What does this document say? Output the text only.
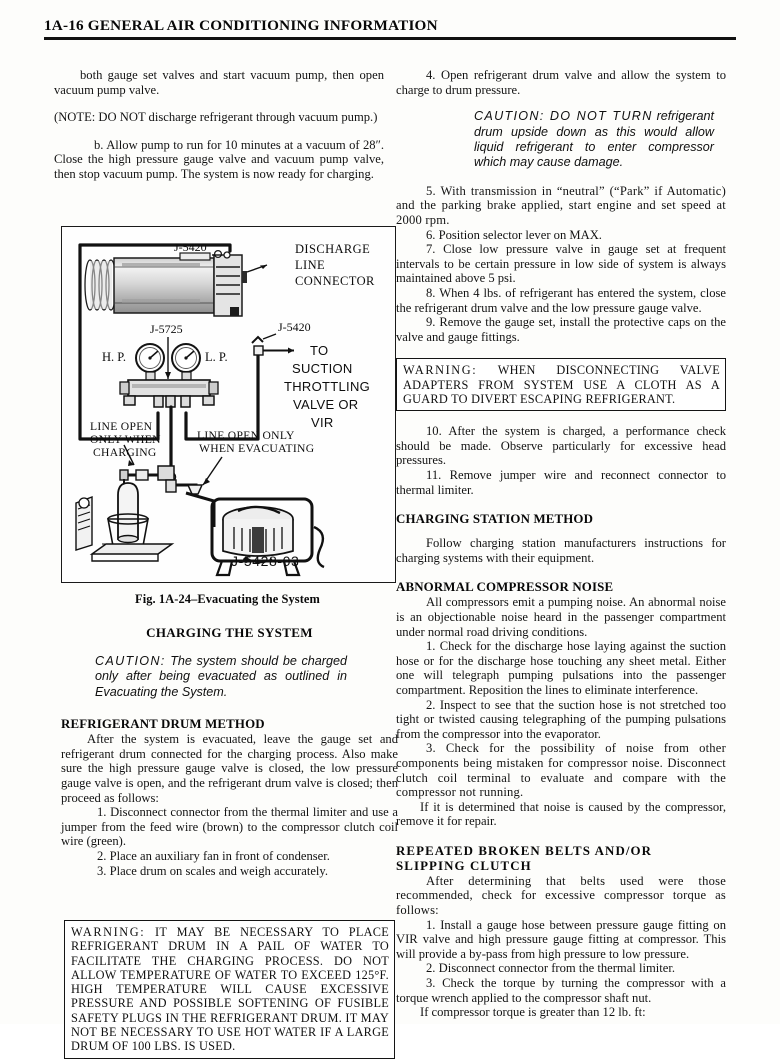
1A-16 GENERAL AIR CONDITIONING INFORMATION

both gauge set valves and start vacuum pump, then open vacuum pump valve.

(NOTE: DO NOT discharge refrigerant through vacuum pump.)

b. Allow pump to run for 10 minutes at a vacuum of 28″. Close the high pressure gauge valve and vacuum pump valve, then stop vacuum pump. The system is now ready for charging.

DISCHARGE
LINE
CONNECTOR
J-5420
J-5725	J-5420
H. P.	L. P.	TO
SUCTION
THROTTLING
VALVE OR
VIR
J-5428-03
LINE OPEN
ONLY WHEN
CHARGING
LINE OPEN ONLY
WHEN EVACUATING

Fig. 1A-24–Evacuating the System

CHARGING THE SYSTEM
CAUTION: The system should be charged only after being evacuated as outlined in Evacuating the System.
REFRIGERANT DRUM METHOD

After the system is evacuated, leave the gauge set and refrigerant drum connected for the charging process. Also make sure the high pressure gauge valve is closed, the low pressure gauge valve is open, and the refrigerant drum valve is closed; then proceed as follows:

1. Disconnect connector from the thermal limiter and use a jumper from the feed wire (brown) to the compressor clutch coil wire (green).

2. Place an auxiliary fan in front of condenser.

3. Place drum on scales and weigh accurately.

WARNING: IT MAY BE NECESSARY TO PLACE REFRIGERANT DRUM IN A PAIL OF WATER TO FACILITATE THE CHARGING PROCESS. DO NOT ALLOW TEMPERATURE OF WATER TO EXCEED 125°F. HIGH TEMPERATURE WILL CAUSE EXCESSIVE PRESSURE AND POSSIBLE SOFTENING OF FUSIBLE SAFETY PLUGS IN THE REFRIGERANT DRUM. IT MAY NOT BE NECESSARY TO USE HOT WATER IF A LARGE DRUM OF 100 LBS. IS USED.

4. Open refrigerant drum valve and allow the system to charge to drum pressure.

CAUTION: DO NOT TURN refrigerant drum upside down as this would allow liquid refrigerant to enter compressor which may cause damage.

5. With transmission in “neutral” (“Park” if Automatic) and the parking brake applied, start engine and set speed at 2000 rpm.

6. Position selector lever on MAX.

7. Close low pressure valve in gauge set at frequent intervals to be certain pressure in low side of system is always maintained above 5 psi.

8. When 4 lbs. of refrigerant has entered the system, close the refrigerant drum valve and the low pressure gauge valve.

9. Remove the gauge set, install the protective caps on the valve and gauge fittings.

WARNING: WHEN DISCONNECTING VALVE ADAPTERS FROM SYSTEM USE A CLOTH AS A GUARD TO DIVERT ESCAPING REFRIGERANT.

10. After the system is charged, a performance check should be made. Observe particularly for excessive head pressures.

11. Remove jumper wire and reconnect connector to thermal limiter.

CHARGING STATION METHOD

Follow charging station manufacturers instructions for charging systems with their equipment.

ABNORMAL COMPRESSOR NOISE

All compressors emit a pumping noise. An abnormal noise is an objectionable noise heard in the passenger compartment under normal road driving conditions.

1. Check for the discharge hose laying against the suction hose or for the discharge hose touching any sheet metal. Either one will telegraph pumping pulsations into the passenger compartment. Reposition the lines to eliminate interference.

2. Inspect to see that the suction hose is not stretched too tight or twisted causing telegraphing of the pumping pulsations from the compressor into the evaporator.

3. Check for the possibility of noise from other components being mistaken for compressor noise. Disconnect clutch coil terminal to evaluate and compare with the compressor not running.

If it is determined that noise is caused by the compressor, remove it for repair.

REPEATED BROKEN BELTS AND/OR SLIPPING CLUTCH

After determining that belts used were those recommended, check for excessive compressor torque as follows:

1. Install a gauge hose between pressure gauge fitting on VIR valve and high pressure gauge fitting at compressor. This will provide a by-pass from high pressure to low pressure.

2. Disconnect connector from the thermal limiter.

3. Check the torque by turning the compressor with a torque wrench applied to the compressor shaft nut.

If compressor torque is greater than 12 lb. ft:
